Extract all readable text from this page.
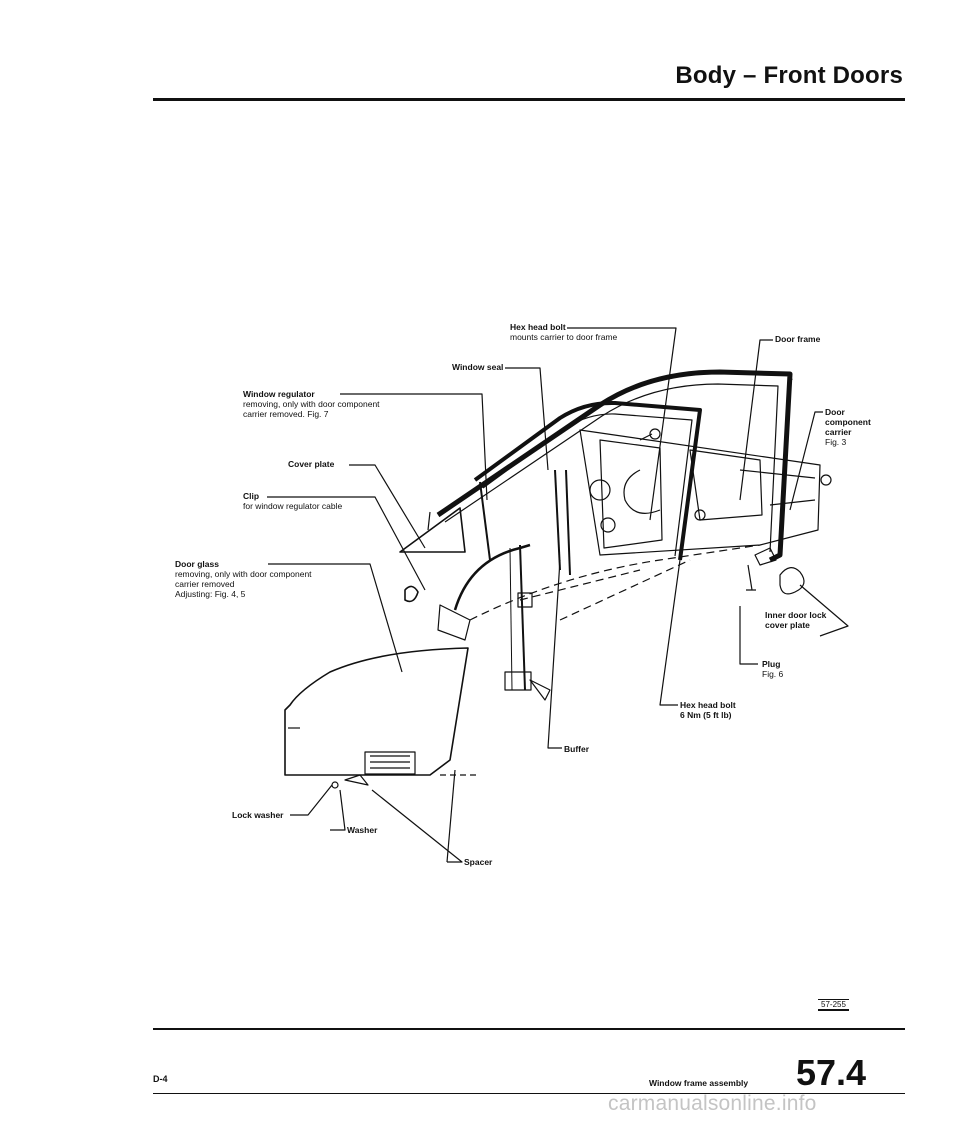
Body – Front Doors
Hex head bolt
mounts carrier to door frame
Window seal
Window regulator
removing, only with door component
carrier removed. Fig. 7
Cover plate
Clip
for window regulator cable
Door glass
removing, only with door component
carrier removed
Adjusting: Fig. 4, 5
Door frame
Door
component
carrier
Fig. 3
Inner door lock
cover plate
Plug
Fig. 6
Hex head bolt
6 Nm (5 ft lb)
Buffer
Lock washer
Washer
Spacer
57-255
D-4	Window frame assembly 57.4
carmanualsonline.info
